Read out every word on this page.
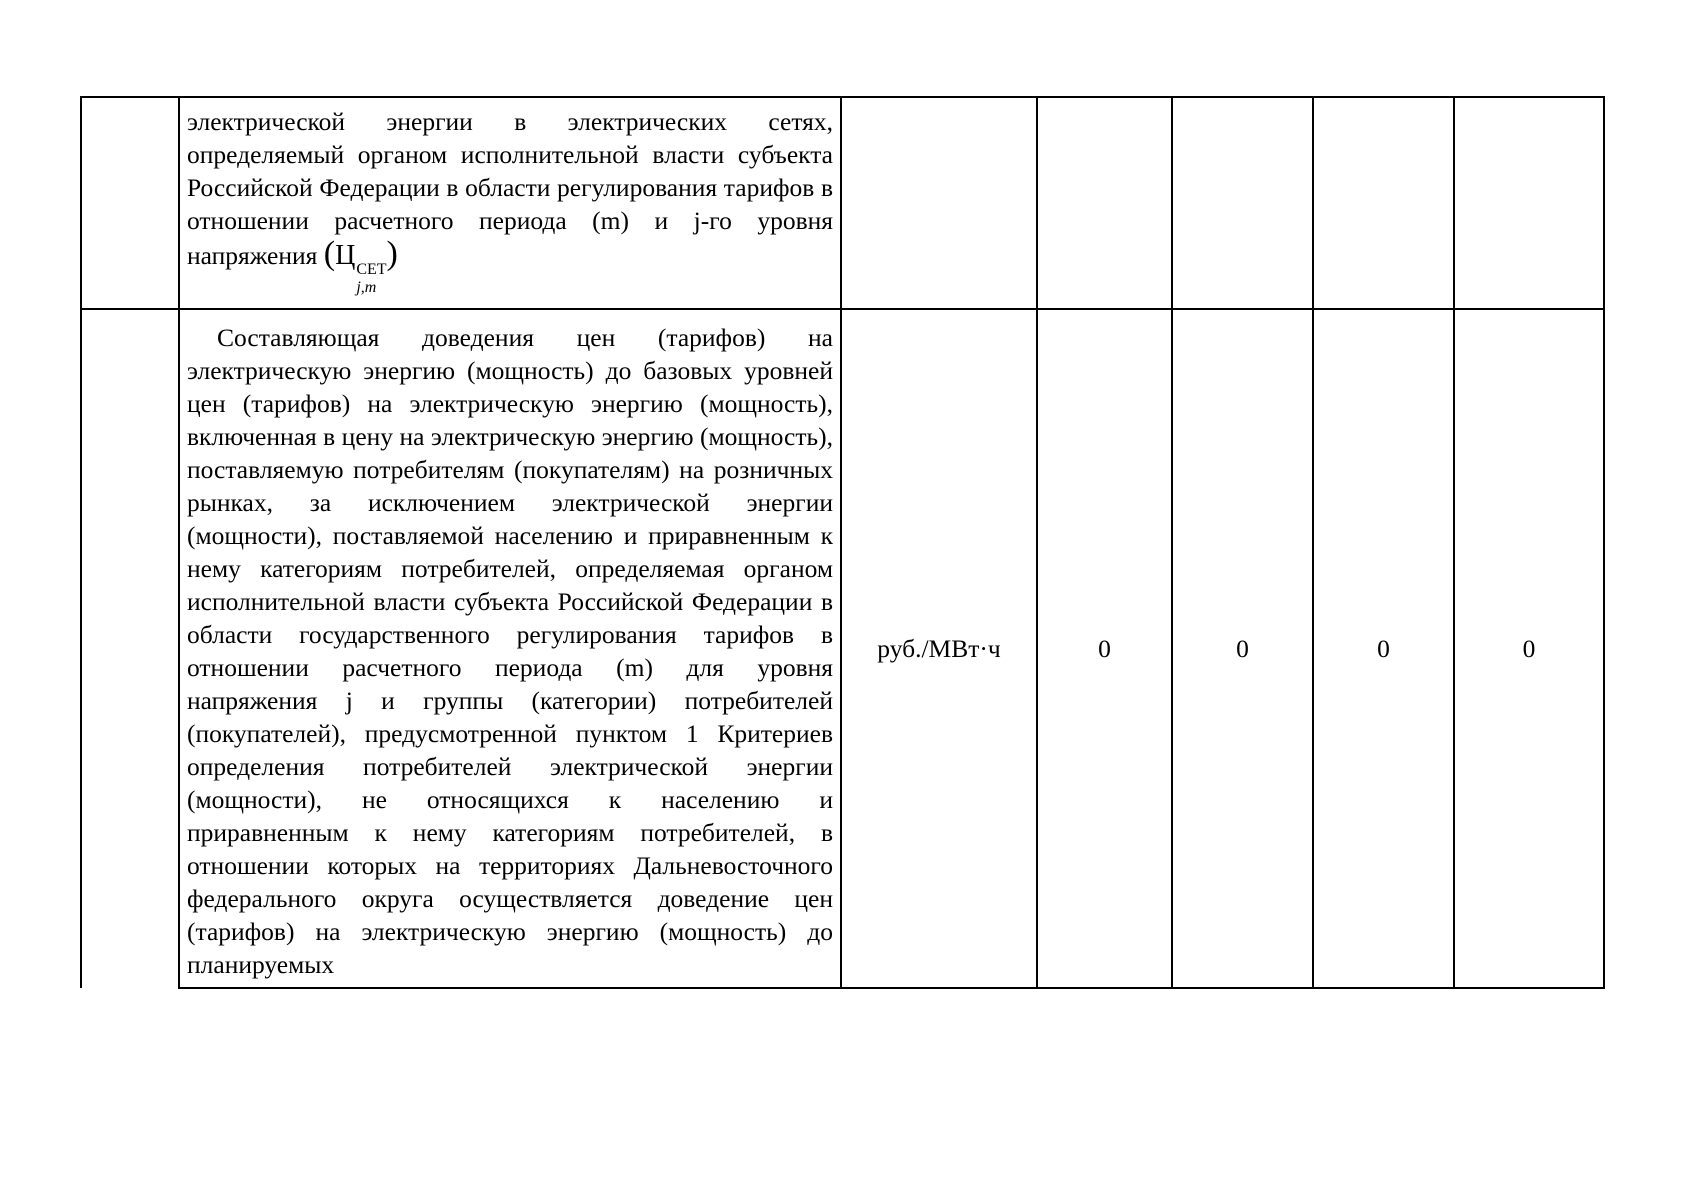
	электрической энергии в электрических сетях, определяемый органом исполнительной власти субъекта Российской Федерации в области регулирования тарифов в отношении расчетного периода (m) и j-го уровня напряжения (Ц СЕТ
j,m
)					

	Составляющая доведения цен (тарифов) на электрическую энергию (мощность) до базовых уровней цен (тарифов) на электрическую энергию (мощность), включенная в цену на электрическую энергию (мощность), поставляемую потребителям (покупателям) на розничных рынках, за исключением электрической энергии (мощности), поставляемой населению и приравненным к нему категориям потребителей, определяемая органом исполнительной власти субъекта Российской Федерации в области государственного регулирования тарифов в отношении расчетного периода (m) для уровня напряжения j и группы (категории) потребителей (покупателей), предусмотренной пунктом 1 Критериев определения потребителей электрической энергии (мощности), не относящихся к населению и приравненным к нему категориям потребителей, в отношении которых на территориях Дальневосточного федерального округа осуществляется доведение цен (тарифов) на электрическую энергию (мощность) до планируемых	руб./МВт·ч	0	0	0	0
